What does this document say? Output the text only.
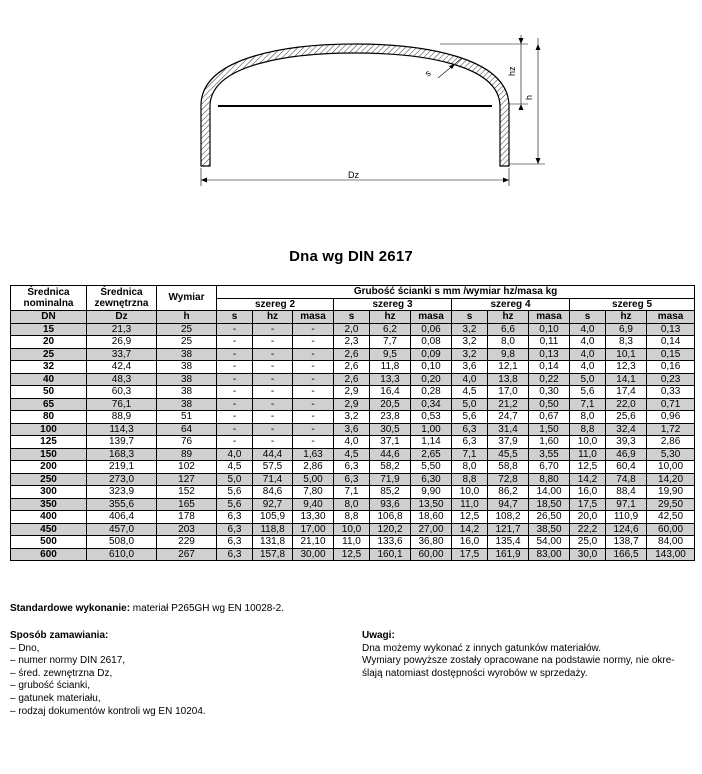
s	hz
h
Dz
Dna wg DIN 2617
Średnica
nominalna	Średnica
zewnętrzna	Wymiar	Grubość ścianki s mm /wymiar hz/masa kg											
			szereg 2			szereg 3			szereg 4			szereg 5		
DN	Dz	h	s	hz	masa	s	hz	masa	s	hz	masa	s	hz	masa
15	21,3	25	-	-	-	2,0	6,2	0,06	3,2	6,6	0,10	4,0	6,9	0,13
20	26,9	25	-	-	-	2,3	7,7	0,08	3,2	8,0	0,11	4,0	8,3	0,14
25	33,7	38	-	-	-	2,6	9,5	0,09	3,2	9,8	0,13	4,0	10,1	0,15
32	42,4	38	-	-	-	2,6	11,8	0,10	3,6	12,1	0,14	4,0	12,3	0,16
40	48,3	38	-	-	-	2,6	13,3	0,20	4,0	13,8	0,22	5,0	14,1	0,23
50	60,3	38	-	-	-	2,9	16,4	0,28	4,5	17,0	0,30	5,6	17,4	0,33
65	76,1	38	-	-	-	2,9	20,5	0,34	5,0	21,2	0,50	7,1	22,0	0,71
80	88,9	51	-	-	-	3,2	23,8	0,53	5,6	24,7	0,67	8,0	25,6	0,96
100	114,3	64	-	-	-	3,6	30,5	1,00	6,3	31,4	1,50	8,8	32,4	1,72
125	139,7	76	-	-	-	4,0	37,1	1,14	6,3	37,9	1,60	10,0	39,3	2,86
150	168,3	89	4,0	44,4	1,63	4,5	44,6	2,65	7,1	45,5	3,55	11,0	46,9	5,30
200	219,1	102	4,5	57,5	2,86	6,3	58,2	5,50	8,0	58,8	6,70	12,5	60,4	10,00
250	273,0	127	5,0	71,4	5,00	6,3	71,9	6,30	8,8	72,8	8,80	14,2	74,8	14,20
300	323,9	152	5,6	84,6	7,80	7,1	85,2	9,90	10,0	86,2	14,00	16,0	88,4	19,90
350	355,6	165	5,6	92,7	9,40	8,0	93,6	13,50	11,0	94,7	18,50	17,5	97,1	29,50
400	406,4	178	6,3	105,9	13,30	8,8	106,8	18,60	12,5	108,2	26,50	20,0	110,9	42,50
450	457,0	203	6,3	118,8	17,00	10,0	120,2	27,00	14,2	121,7	38,50	22,2	124,6	60,00
500	508,0	229	6,3	131,8	21,10	11,0	133,6	36,80	16,0	135,4	54,00	25,0	138,7	84,00
600	610,0	267	6,3	157,8	30,00	12,5	160,1	60,00	17,5	161,9	83,00	30,0	166,5	143,00
Standardowe wykonanie: materiał P265GH wg EN 10028-2.
Sposób zamawiania:
– Dno,
– numer normy DIN 2617,
– śred. zewnętrzna Dz,
– grubość ścianki,
– gatunek materiału,
– rodzaj dokumentów kontroli wg EN 10204.
Uwagi:
Dna możemy wykonać z innych gatunków materiałów.
Wymiary powyższe zostały opracowane na podstawie normy, nie okre-
ślają natomiast dostępności wyrobów w sprzedaży.
